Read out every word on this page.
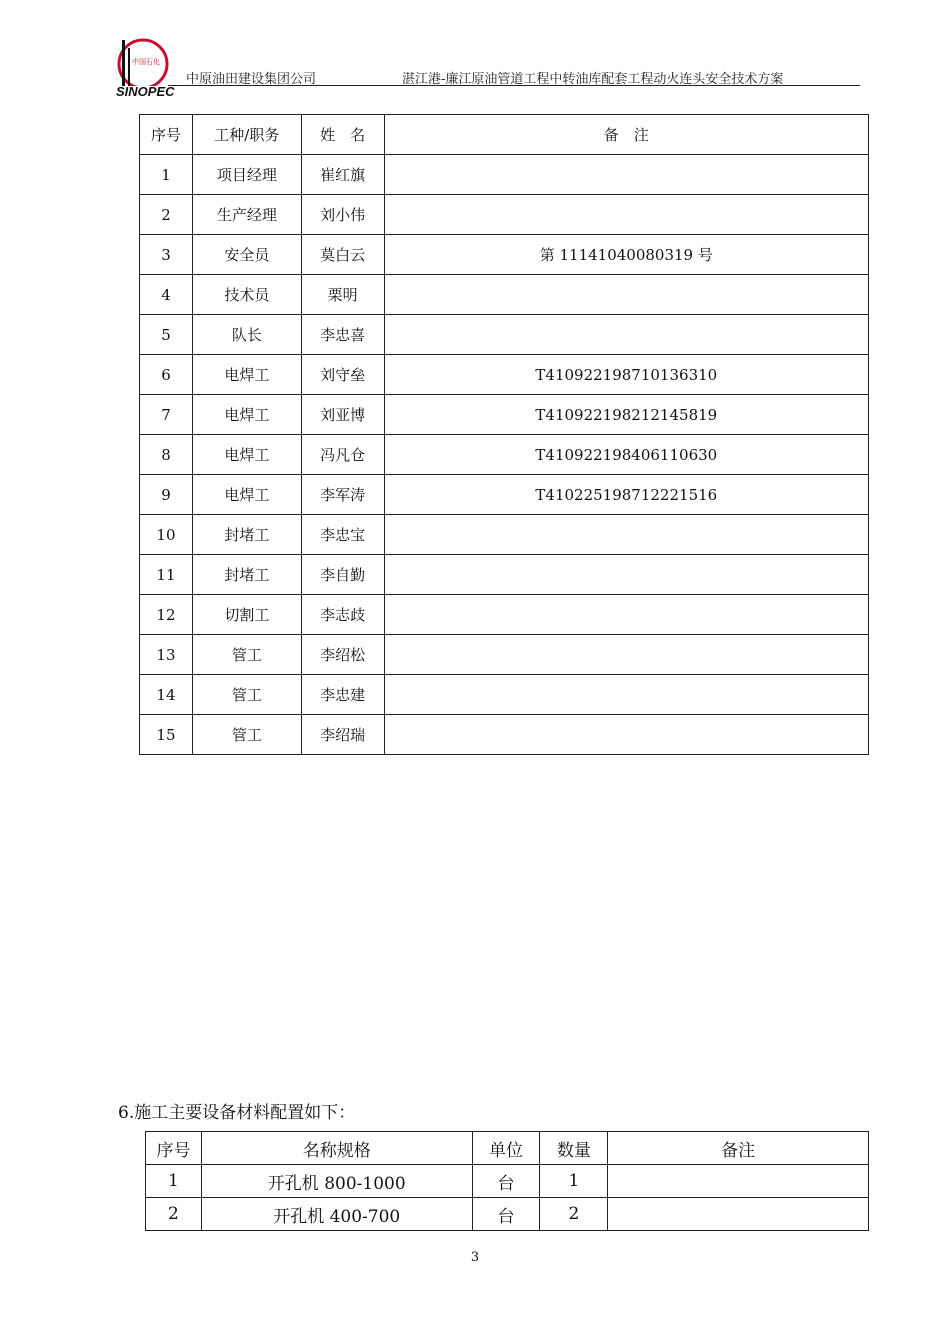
SINOPEC
中国石化
中原油田建设集团公司	湛江港-廉江原油管道工程中转油库配套工程动火连头安全技术方案
序号	工种/职务	姓　名	备　注
1	项目经理	崔红旗	
2	生产经理	刘小伟	
3	安全员	莫白云	第 11141040080319 号
4	技术员	栗明	
5	队长	李忠喜	
6	电焊工	刘守垒	T410922198710136310
7	电焊工	刘亚博	T410922198212145819
8	电焊工	冯凡仓	T410922198406110630
9	电焊工	李军涛	T410225198712221516
10	封堵工	李忠宝	
11	封堵工	李自勤	
12	切割工	李志歧	
13	管工	李绍松	
14	管工	李忠建	
15	管工	李绍瑞	
6.施工主要设备材料配置如下：
序号	名称规格	单位	数量	备注
1	开孔机 800-1000	台	1	
2	开孔机 400-700	台	2	
3
